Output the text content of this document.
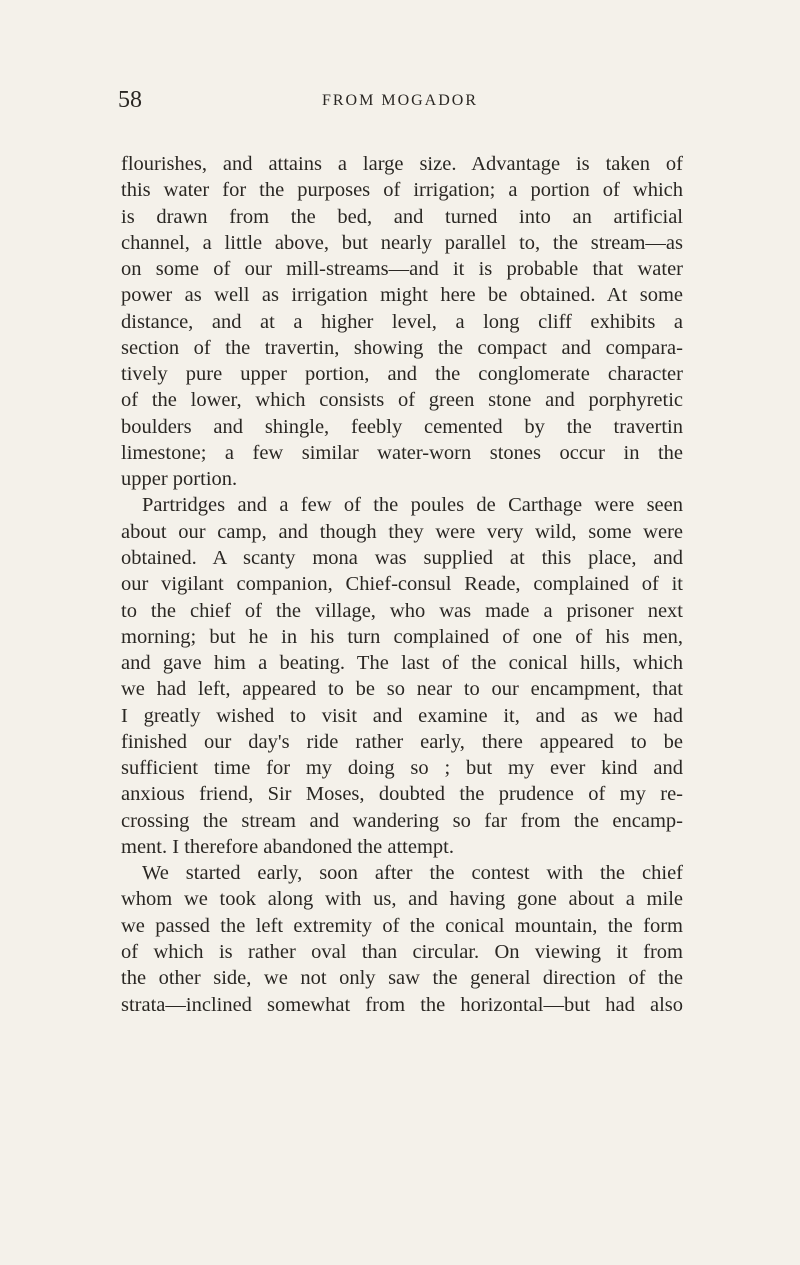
58	FROM MOGADOR
flourishes, and attains a large size. Advantage is taken of
this water for the purposes of irrigation; a portion of which
is drawn from the bed, and turned into an artificial
channel, a little above, but nearly parallel to, the stream—as
on some of our mill-streams—and it is probable that water
power as well as irrigation might here be obtained. At some
distance, and at a higher level, a long cliff exhibits a
section of the travertin, showing the compact and compara-
tively pure upper portion, and the conglomerate character
of the lower, which consists of green stone and porphyretic
boulders and shingle, feebly cemented by the travertin
limestone; a few similar water-worn stones occur in the
upper portion.
Partridges and a few of the poules de Carthage were seen
about our camp, and though they were very wild, some were
obtained. A scanty mona was supplied at this place, and
our vigilant companion, Chief-consul Reade, complained of it
to the chief of the village, who was made a prisoner next
morning; but he in his turn complained of one of his men,
and gave him a beating. The last of the conical hills, which
we had left, appeared to be so near to our encampment, that
I greatly wished to visit and examine it, and as we had
finished our day's ride rather early, there appeared to be
sufficient time for my doing so ; but my ever kind and
anxious friend, Sir Moses, doubted the prudence of my re-
crossing the stream and wandering so far from the encamp-
ment. I therefore abandoned the attempt.
We started early, soon after the contest with the chief
whom we took along with us, and having gone about a mile
we passed the left extremity of the conical mountain, the form
of which is rather oval than circular. On viewing it from
the other side, we not only saw the general direction of the
strata—inclined somewhat from the horizontal—but had also
